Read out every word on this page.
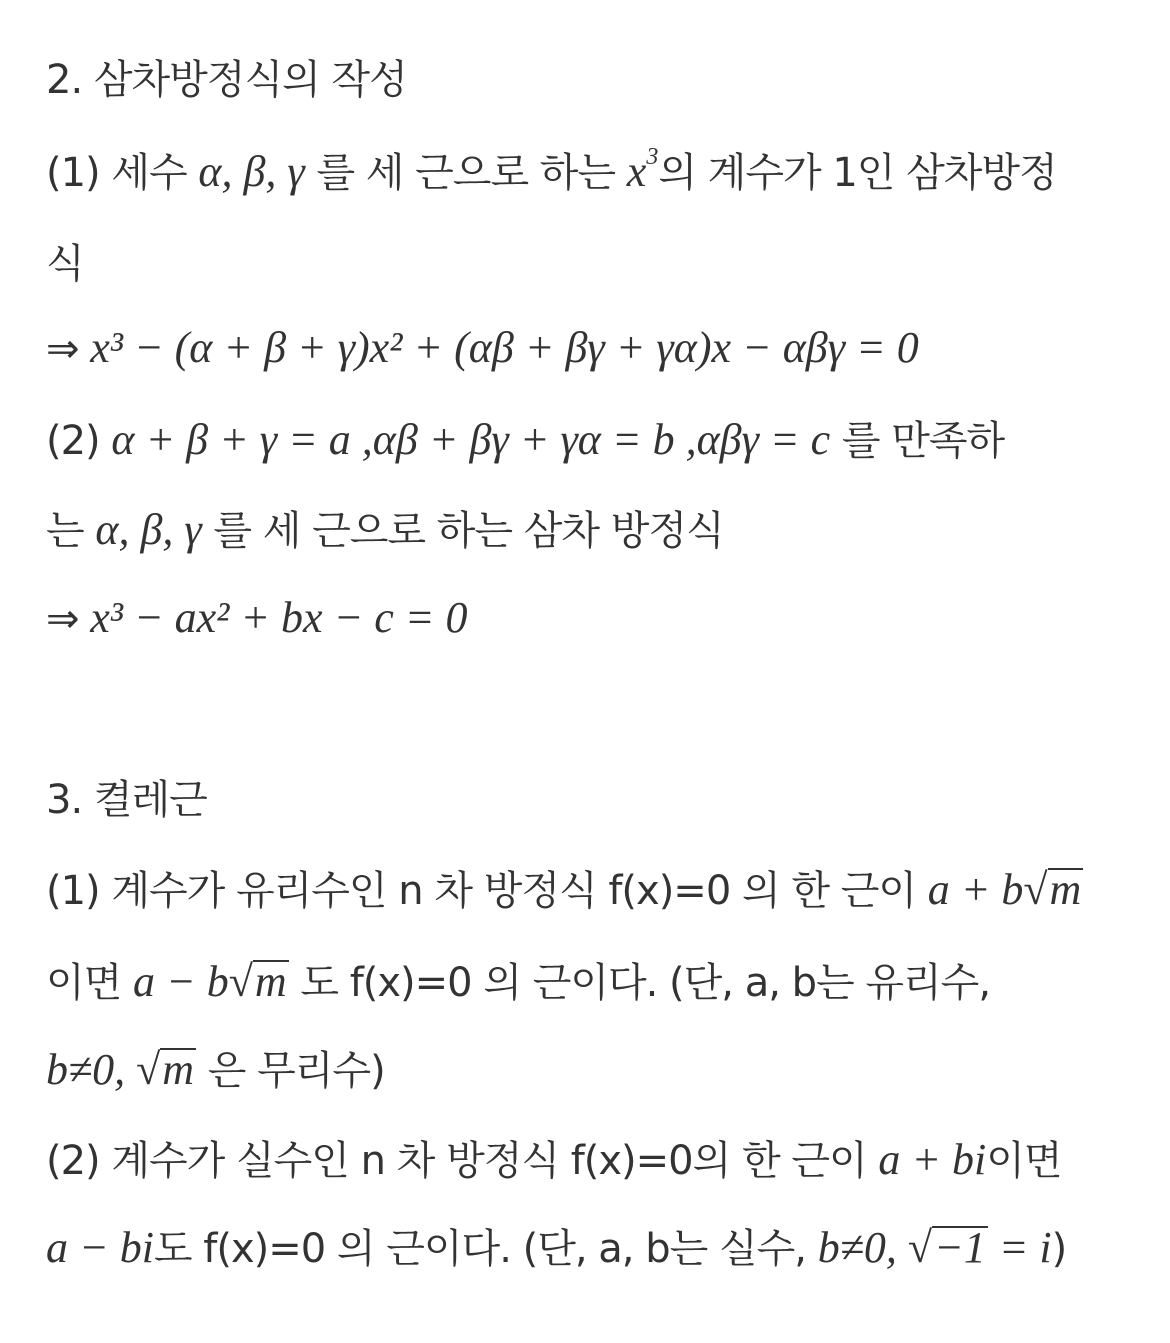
2. 삼차방정식의 작성
(1) 세수 α, β, γ 를 세 근으로 하는 $x^3$의 계수가 1인 삼차방정
식
⇒ x³ − (α + β + γ)x² + (αβ + βγ + γα)x − αβγ = 0
(2) α + β + γ = a ,αβ + βγ + γα = b ,αβγ = c 를 만족하
는 α, β, γ 를 세 근으로 하는 삼차 방정식
⇒ x³ − ax² + bx − c = 0
3. 켤레근
(1) 계수가 유리수인 n 차 방정식 f(x)=0 의 한 근이 a + b√m
이면 a − b√m 도 f(x)=0 의 근이다. (단, a, b는 유리수,
b≠0, √m 은 무리수)
(2) 계수가 실수인 n 차 방정식 f(x)=0의 한 근이 a + bi이면
a − bi도 f(x)=0 의 근이다. (단, a, b는 실수, b≠0, √−1 = i)
